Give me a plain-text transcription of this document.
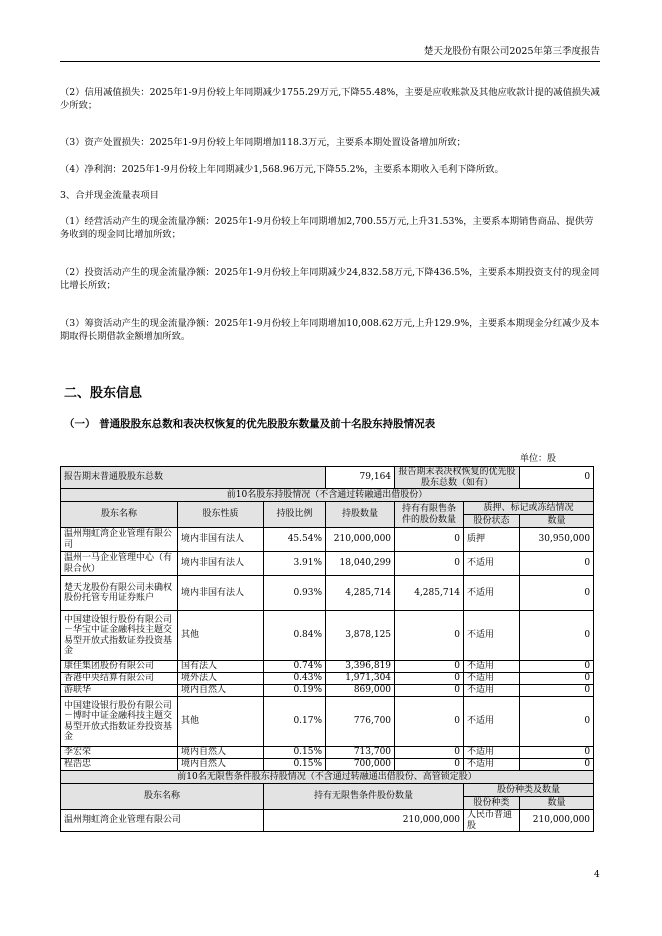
楚天龙股份有限公司2025年第三季度报告
（2）信用减值损失：2025年1-9月份较上年同期减少1755.29万元,下降55.48%，主要是应收账款及其他应收款计提的减值损失减少所致；
（3）资产处置损失：2025年1-9月份较上年同期增加118.3万元，主要系本期处置设备增加所致；
（4）净利润：2025年1-9月份较上年同期减少1,568.96万元,下降55.2%，主要系本期收入毛利下降所致。
3、合并现金流量表项目
（1）经营活动产生的现金流量净额：2025年1-9月份较上年同期增加2,700.55万元,上升31.53%，主要系本期销售商品、提供劳务收到的现金同比增加所致；
（2）投资活动产生的现金流量净额：2025年1-9月份较上年同期减少24,832.58万元,下降436.5%，主要系本期投资支付的现金同比增长所致；
（3）筹资活动产生的现金流量净额：2025年1-9月份较上年同期增加10,008.62万元,上升129.9%，主要系本期现金分红减少及本期取得长期借款金额增加所致。
二、股东信息
（一） 普通股股东总数和表决权恢复的优先股股东数量及前十名股东持股情况表
单位：股
报告期末普通股股东总数			79,164	报告期末表决权恢复的优先股股东总数（如有）		0
前10名股东持股情况（不含通过转融通出借股份）						
股东名称	股东性质	持股比例	持股数量	持有有限售条件的股份数量	质押、标记或冻结情况	
					股份状态	数量
温州翔虹湾企业管理有限公司	境内非国有法人	45.54%	210,000,000	0	质押	30,950,000
温州一马企业管理中心（有限合伙）	境内非国有法人	3.91%	18,040,299	0	不适用	0
楚天龙股份有限公司未确权股份托管专用证券账户	境内非国有法人	0.93%	4,285,714	4,285,714	不适用	0
中国建设银行股份有限公司－华宝中证金融科技主题交易型开放式指数证券投资基金	其他	0.84%	3,878,125	0	不适用	0
康佳集团股份有限公司	国有法人	0.74%	3,396,819	0	不适用	0
香港中央结算有限公司	境外法人	0.43%	1,971,304	0	不适用	0
游联华	境内自然人	0.19%	869,000	0	不适用	0
中国建设银行股份有限公司－博时中证金融科技主题交易型开放式指数证券投资基金	其他	0.17%	776,700	0	不适用	0
李宏荣	境内自然人	0.15%	713,700	0	不适用	0
程浩忠	境内自然人	0.15%	700,000	0	不适用	0
前10名无限售条件股东持股情况（不含通过转融通出借股份、高管锁定股）						
股东名称		持有无限售条件股份数量			股份种类及数量	
					股份种类	数量
温州翔虹湾企业管理有限公司		210,000,000			人民币普通股	210,000,000
4
